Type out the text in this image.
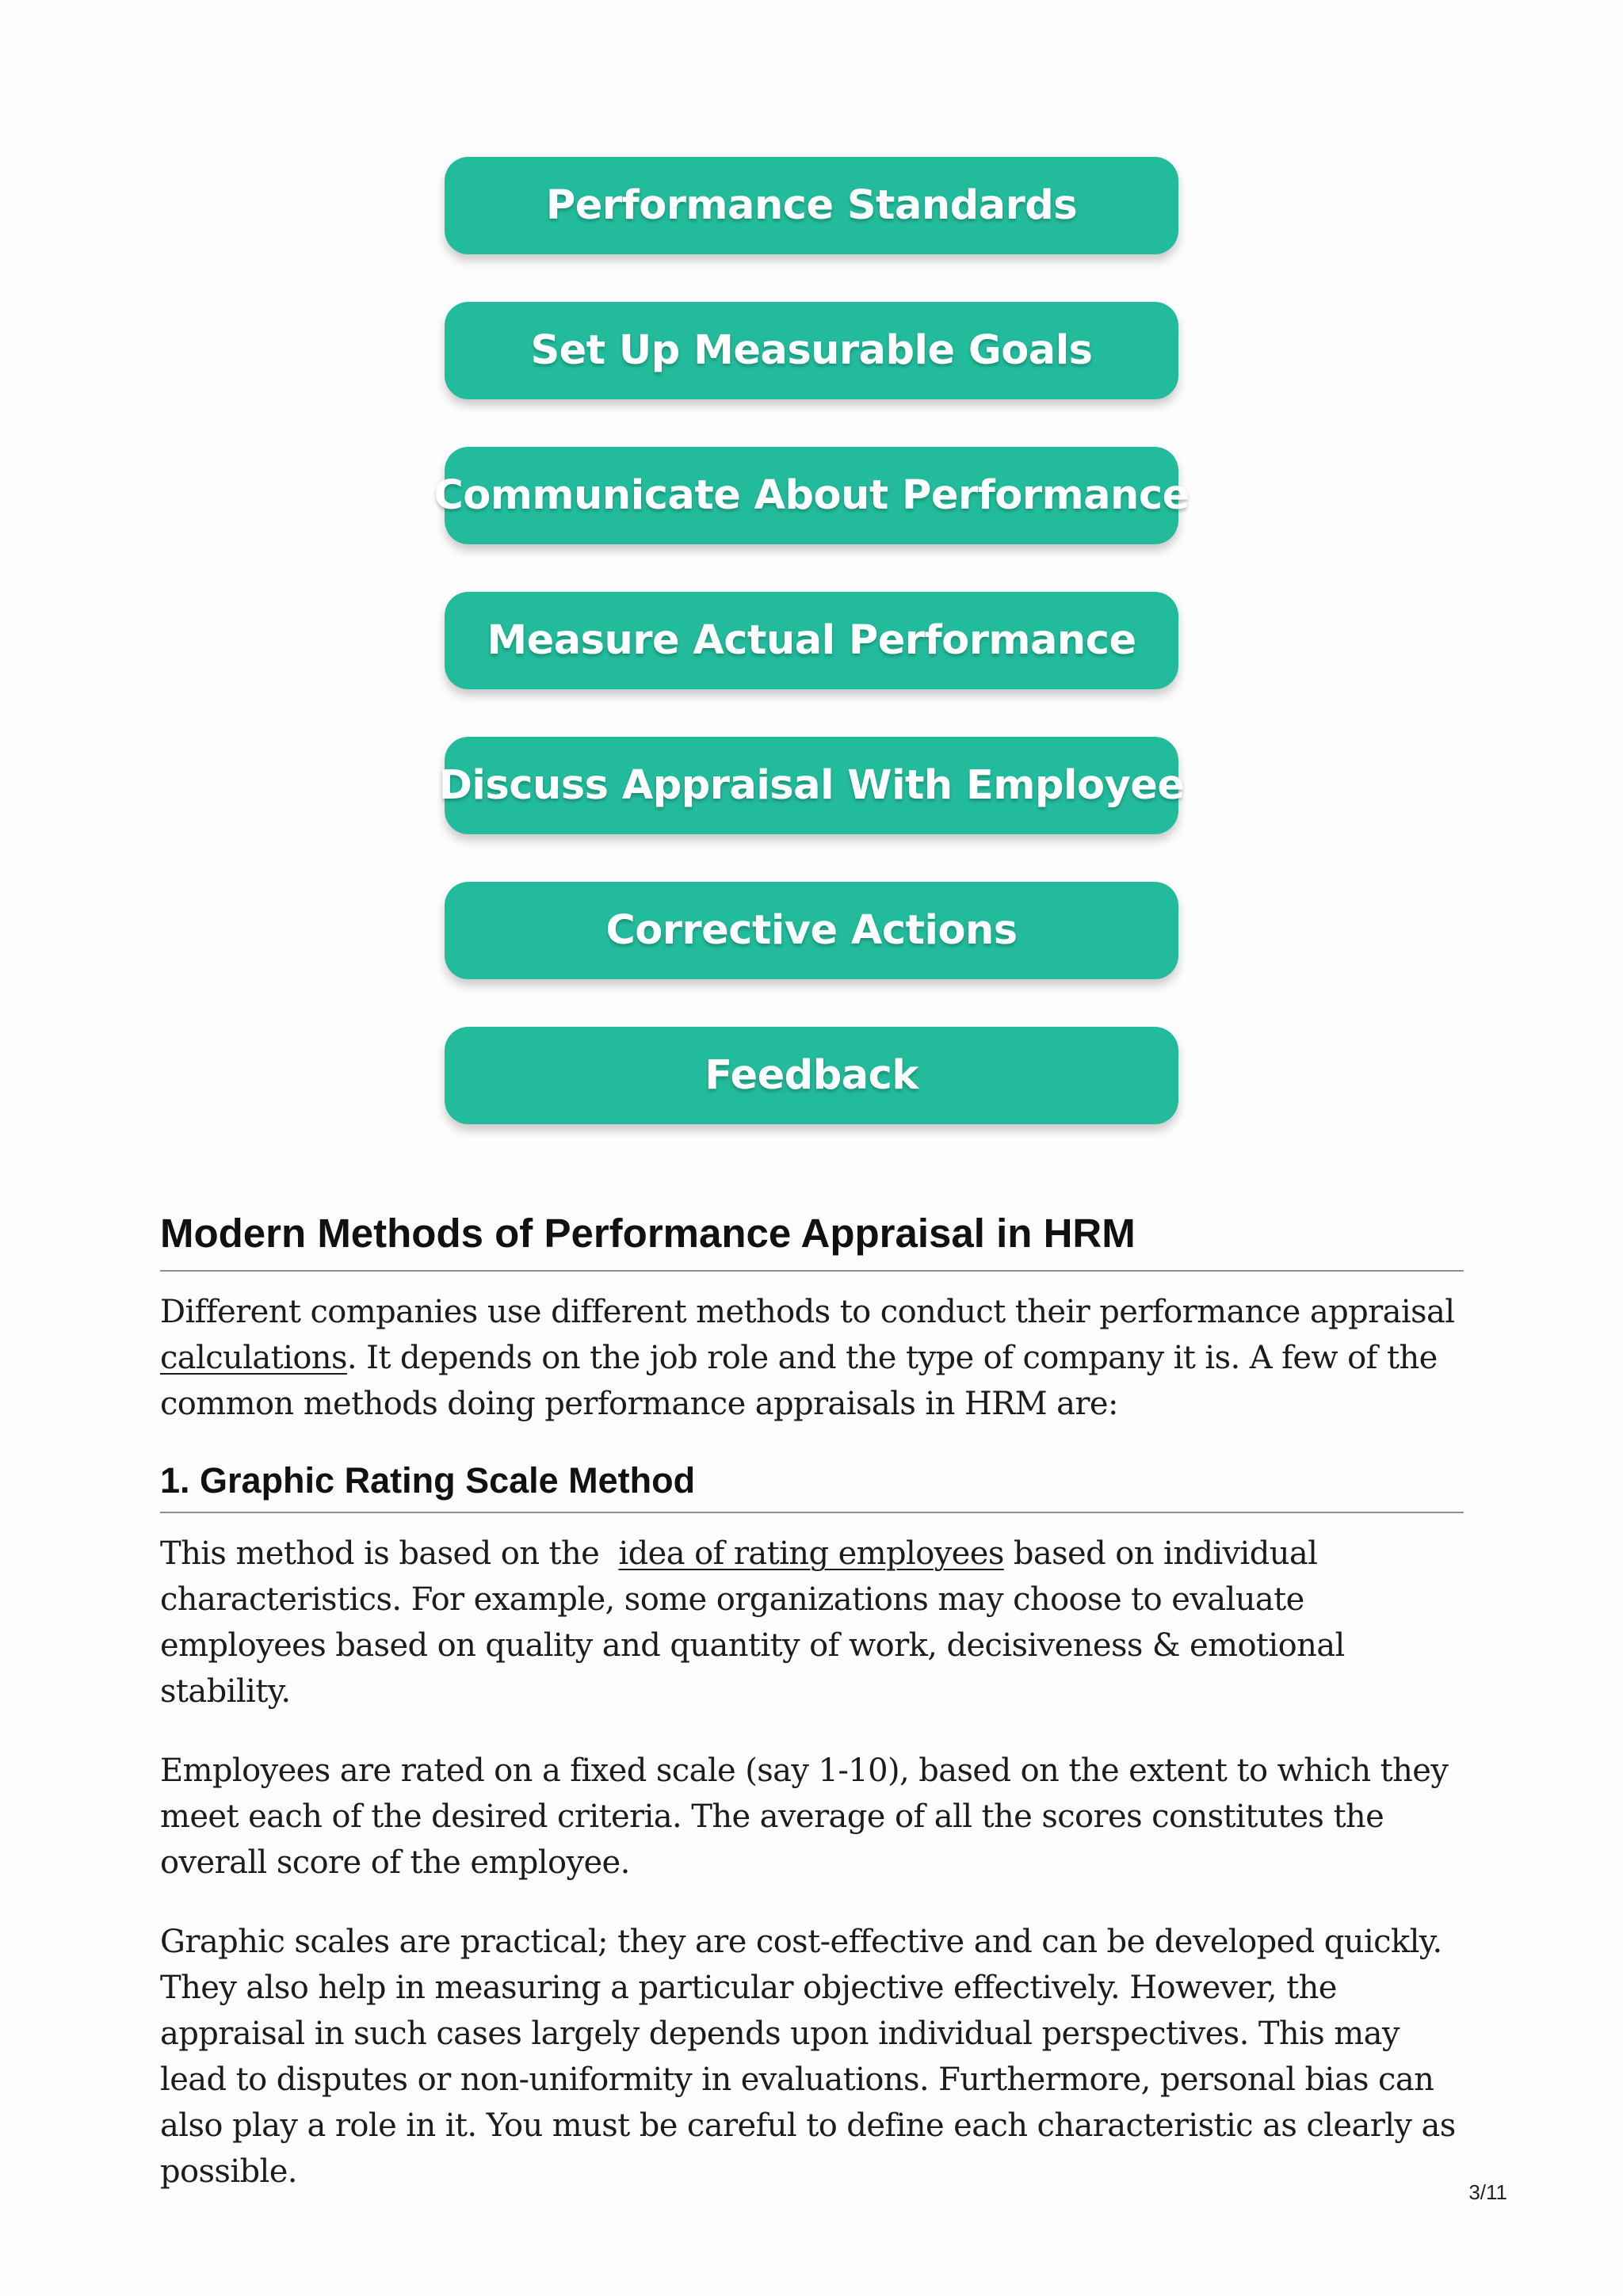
Performance Standards
Set Up Measurable Goals
Communicate About Performance
Measure Actual Performance
Discuss Appraisal With Employee
Corrective Actions
Feedback
Modern Methods of Performance Appraisal in HRM

Different companies use different methods to conduct their performance appraisal calculations. It depends on the job role and the type of company it is. A few of the common methods doing performance appraisals in HRM are:

1. Graphic Rating Scale Method

This method is based on the idea of rating employees based on individual characteristics. For example, some organizations may choose to evaluate employees based on quality and quantity of work, decisiveness & emotional stability.

Employees are rated on a fixed scale (say 1-10), based on the extent to which they meet each of the desired criteria. The average of all the scores constitutes the overall score of the employee.

Graphic scales are practical; they are cost-effective and can be developed quickly. They also help in measuring a particular objective effectively. However, the appraisal in such cases largely depends upon individual perspectives. This may lead to disputes or non-uniformity in evaluations. Furthermore, personal bias can also play a role in it. You must be careful to define each characteristic as clearly as possible.

3/11
